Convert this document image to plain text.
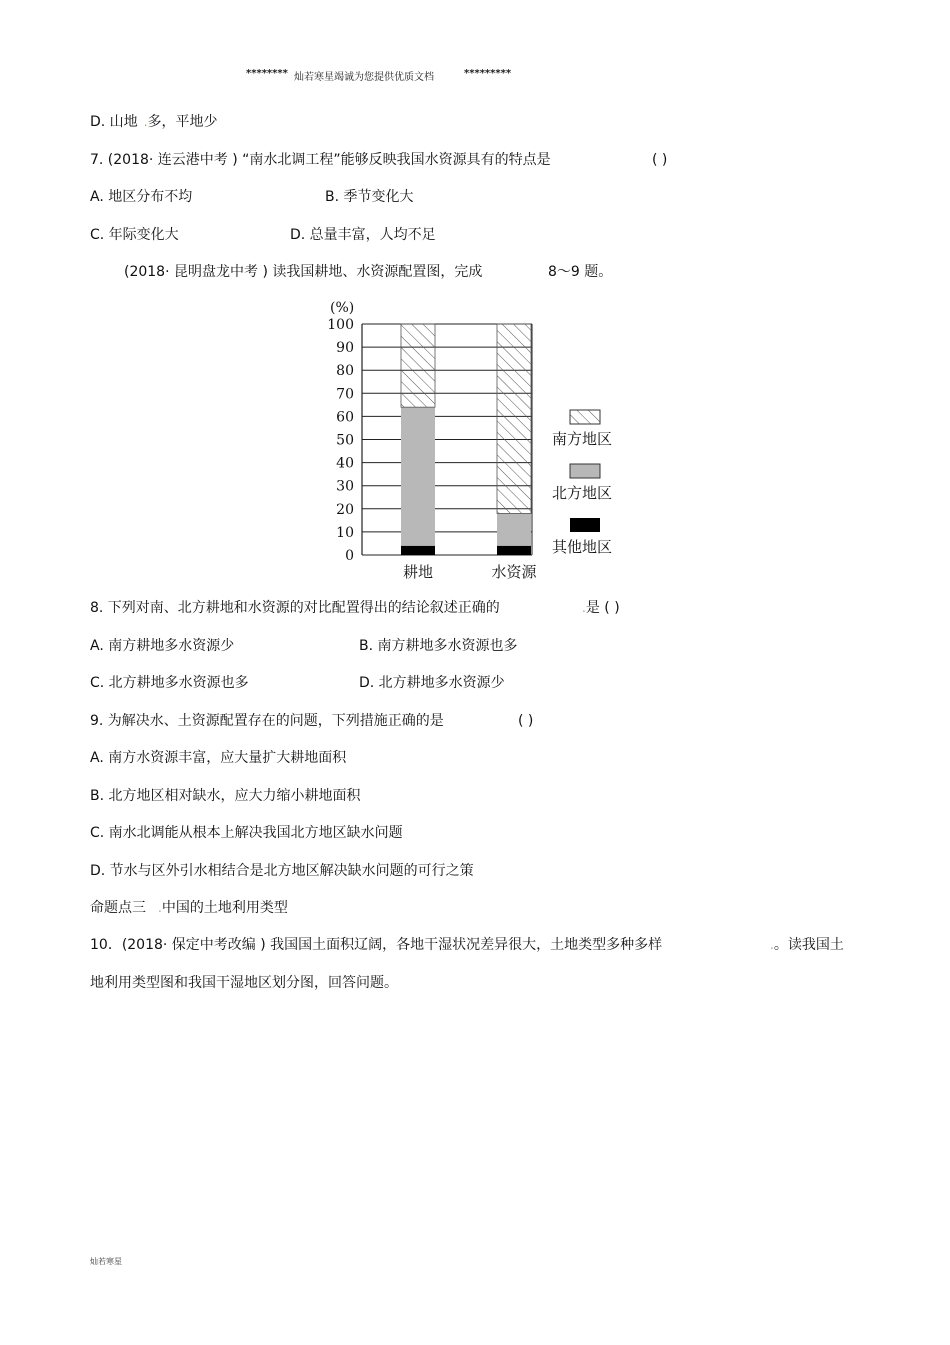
******** 灿若寒星竭诚为您提供优质文档	*********
D. 山地 .多，平地少
7. (2018· 连云港中考 ) “南水北调工程”能够反映我国水资源具有的特点是	( )
A. 地区分布不均	B. 季节变化大
C. 年际变化大	D. 总量丰富，人均不足
(2018· 昆明盘龙中考 ) 读我国耕地、水资源配置图，完成	8～9 题。
0
10
20
30
40
50
60
70
80
90
100
(%)
耕地	水资源
南方地区
北方地区
其他地区
8. 下列对南、北方耕地和水资源的对比配置得出的结论叙述正确的	.是 ( )
A. 南方耕地多水资源少	B. 南方耕地多水资源也多
C. 北方耕地多水资源也多	D. 北方耕地多水资源少
9. 为解决水、土资源配置存在的问题，下列措施正确的是	( )
A. 南方水资源丰富，应大量扩大耕地面积
B. 北方地区相对缺水，应大力缩小耕地面积
C. 南水北调能从根本上解决我国北方地区缺水问题
D. 节水与区外引水相结合是北方地区解决缺水问题的可行之策
命题点三 .中国的土地利用类型
10．(2018· 保定中考改编 ) 我国国土面积辽阔，各地干湿状况差异很大，土地类型多种多样	.。读我国土
地利用类型图和我国干湿地区划分图，回答问题。
灿若寒星
